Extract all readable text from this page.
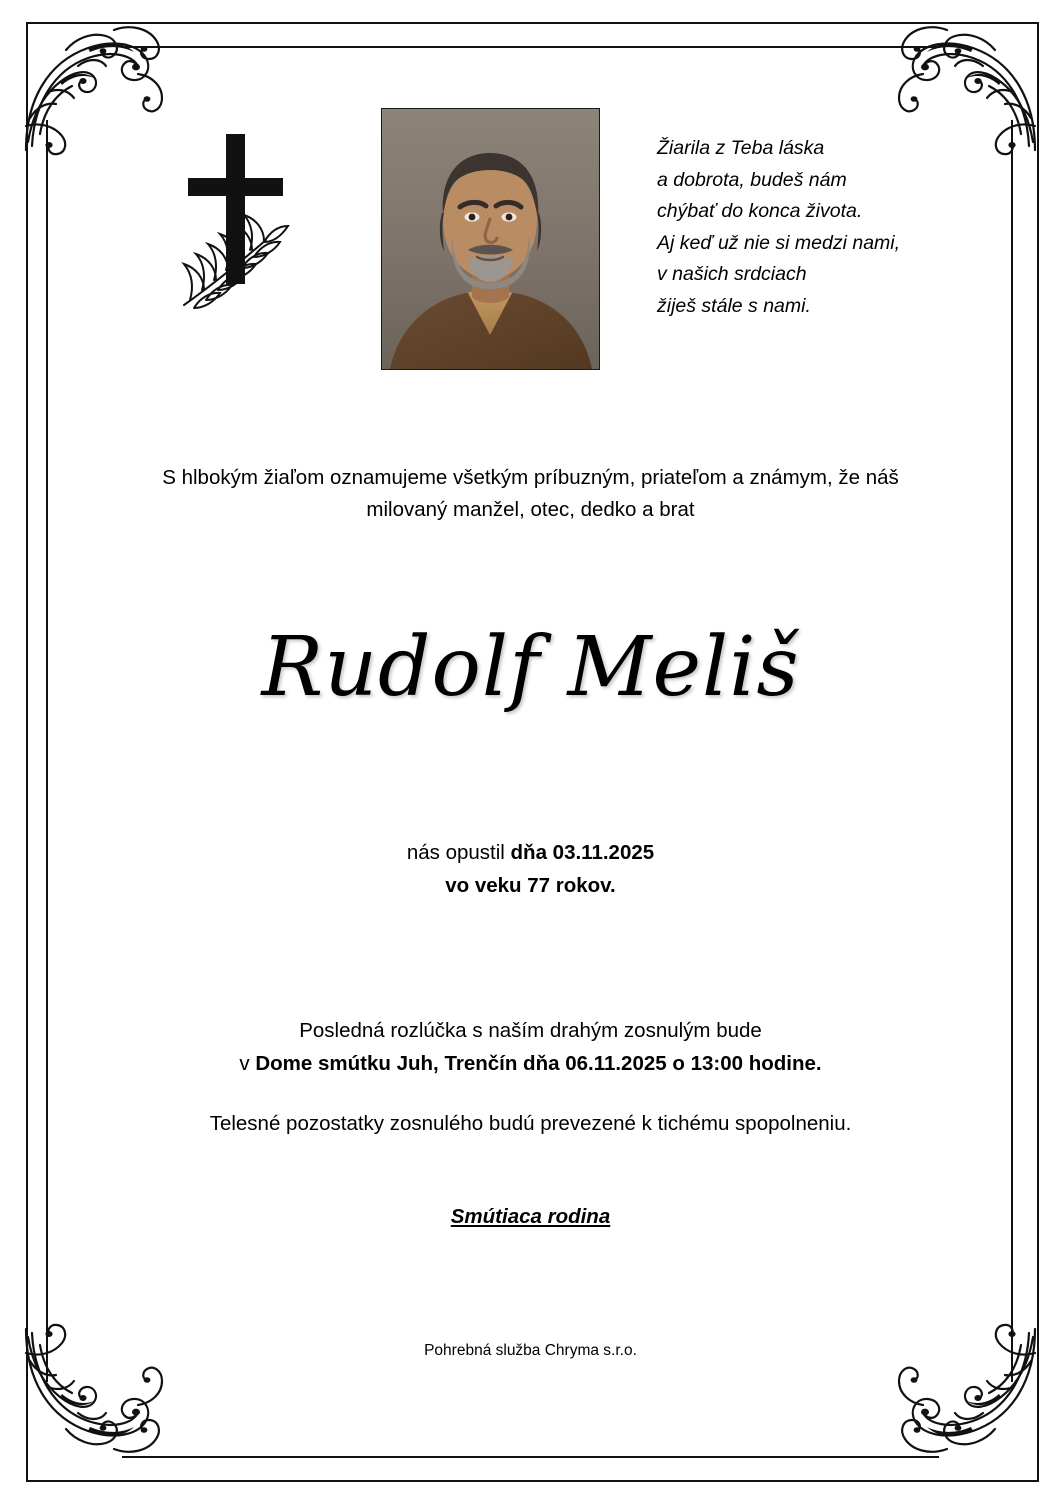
Žiarila z Teba láska
a dobrota, budeš nám
chýbať do konca života.
Aj keď už nie si medzi nami,
v našich srdciach
žiješ stále s nami.
S hlbokým žiaľom oznamujeme všetkým príbuzným, priateľom a známym, že náš
milovaný manžel, otec, dedko a brat
Rudolf Meliš
nás opustil dňa 03.11.2025
vo veku 77 rokov.
Posledná rozlúčka s naším drahým zosnulým bude
v Dome smútku Juh, Trenčín dňa 06.11.2025 o 13:00 hodine.
Telesné pozostatky zosnulého budú prevezené k tichému spopolneniu.
Smútiaca rodina
Pohrebná služba Chryma s.r.o.
